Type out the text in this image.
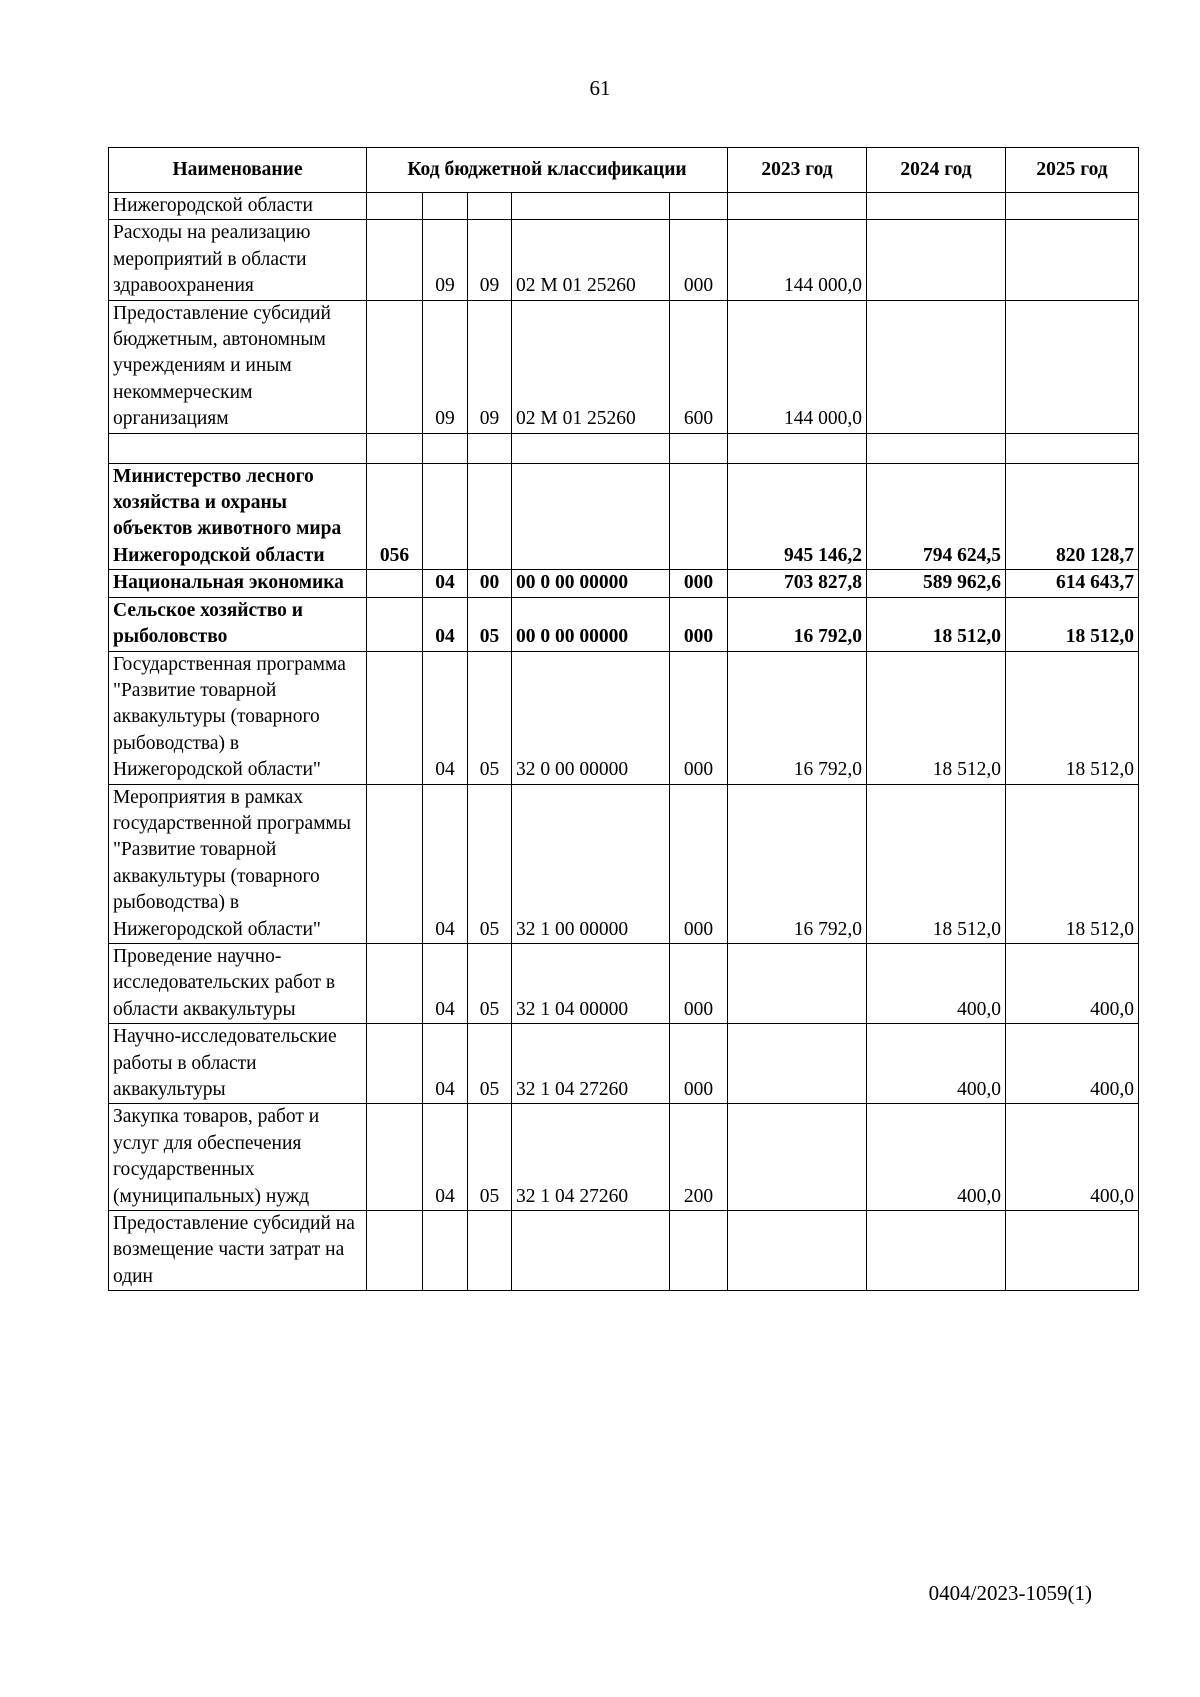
61
Наименование	Код бюджетной классификации					2023 год	2024 год	2025 год
Нижегородской области								
Расходы на реализацию мероприятий в области здравоохранения		09	09	02 М 01 25260	000	144 000,0		
Предоставление субсидий бюджетным, автономным учреждениям и иным некоммерческим организациям		09	09	02 М 01 25260	600	144 000,0		

Министерство лесного хозяйства и охраны объектов животного мира Нижегородской области	056					945 146,2	794 624,5	820 128,7
Национальная экономика		04	00	00 0 00 00000	000	703 827,8	589 962,6	614 643,7
Сельское хозяйство и рыболовство		04	05	00 0 00 00000	000	16 792,0	18 512,0	18 512,0
Государственная программа "Развитие товарной аквакультуры (товарного рыбоводства) в Нижегородской области"		04	05	32 0 00 00000	000	16 792,0	18 512,0	18 512,0
Мероприятия в рамках государственной программы "Развитие товарной аквакультуры (товарного рыбоводства) в Нижегородской области"		04	05	32 1 00 00000	000	16 792,0	18 512,0	18 512,0
Проведение научно-исследовательских работ в области аквакультуры		04	05	32 1 04 00000	000		400,0	400,0
Научно-исследовательские работы в области аквакультуры		04	05	32 1 04 27260	000		400,0	400,0
Закупка товаров, работ и услуг для обеспечения государственных (муниципальных) нужд		04	05	32 1 04 27260	200		400,0	400,0
Предоставление субсидий на возмещение части затрат на один								
0404/2023-1059(1)
